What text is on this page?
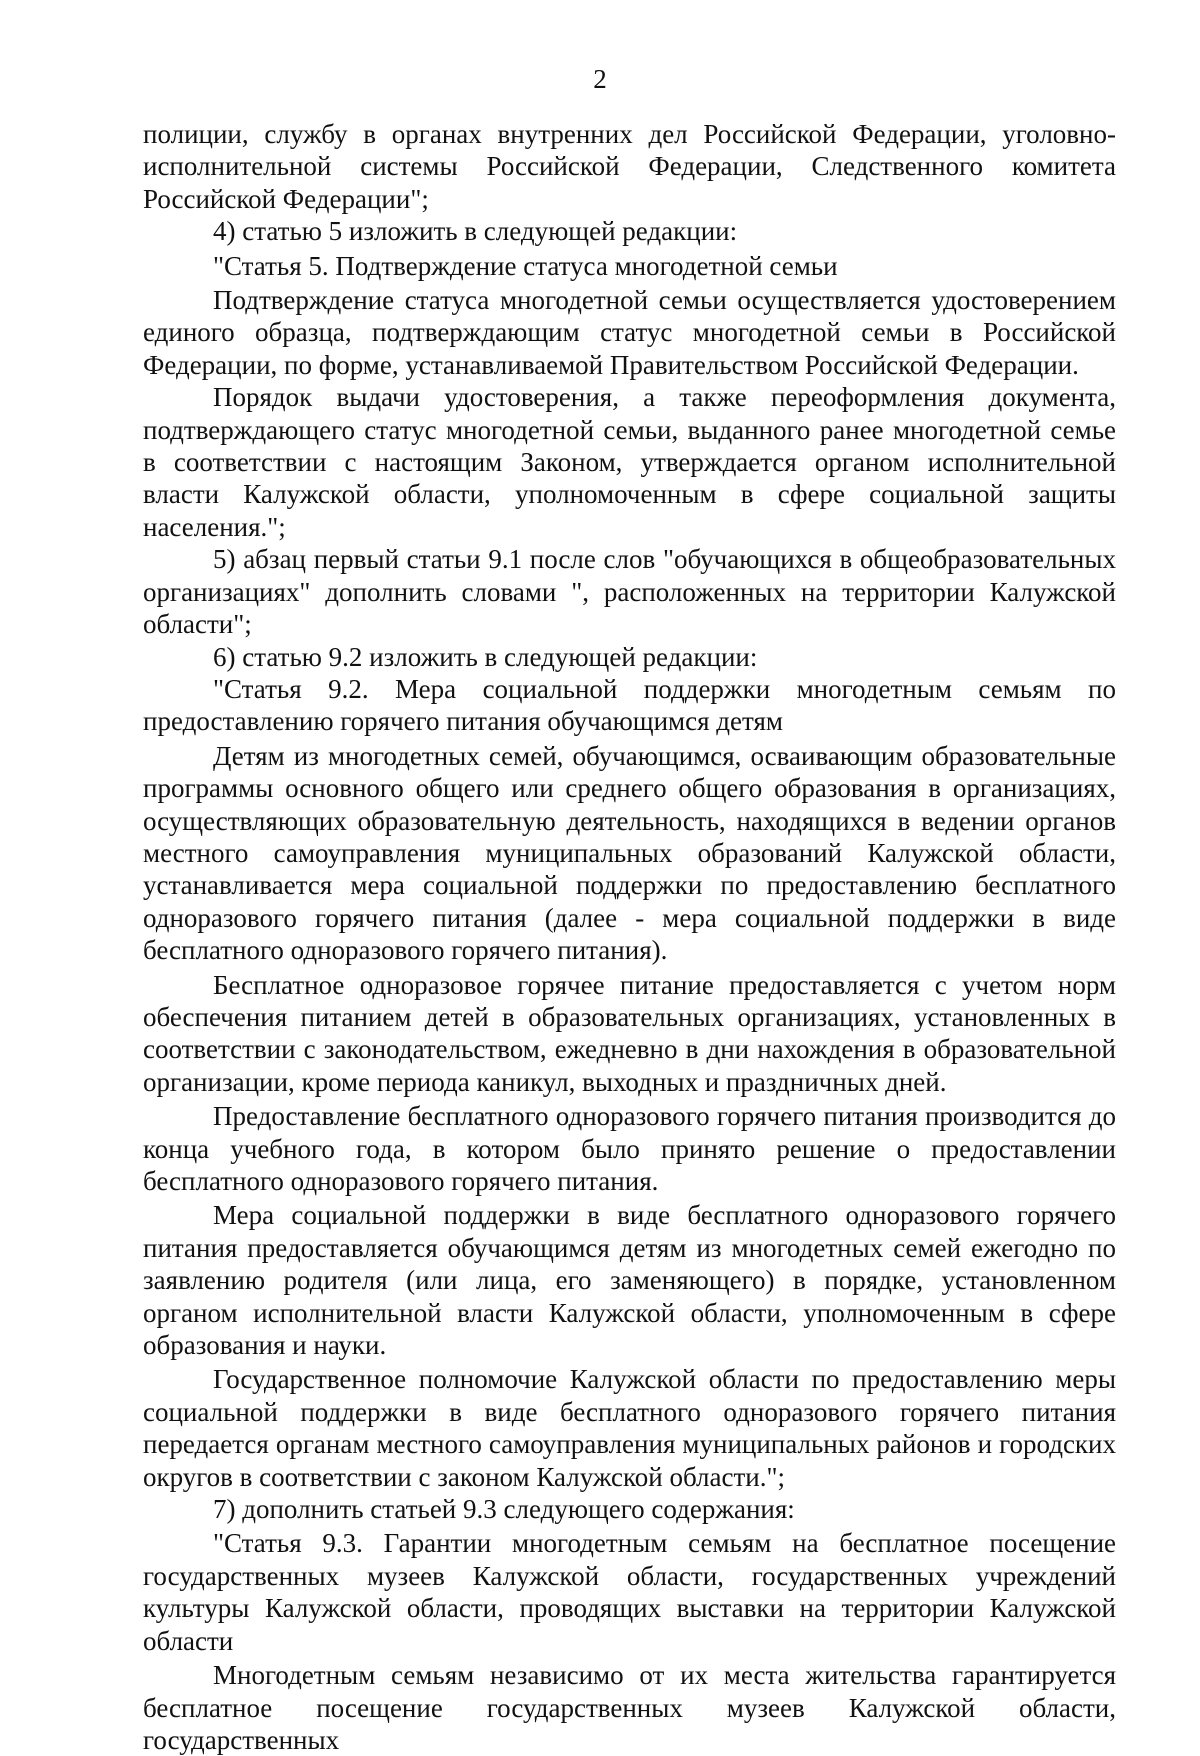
2

полиции, службу в органах внутренних дел Российской Федерации, уголовно-исполнительной системы Российской Федерации, Следственного комитета Российской Федерации";

4) статью 5 изложить в следующей редакции:

"Статья 5. Подтверждение статуса многодетной семьи

Подтверждение статуса многодетной семьи осуществляется удостоверением единого образца, подтверждающим статус многодетной семьи в Российской Федерации, по форме, устанавливаемой Правительством Российской Федерации.

Порядок выдачи удостоверения, а также переоформления документа, подтверждающего статус многодетной семьи, выданного ранее многодетной семье в соответствии с настоящим Законом, утверждается органом исполнительной власти Калужской области, уполномоченным в сфере социальной защиты населения.";

5) абзац первый статьи 9.1 после слов "обучающихся в общеобразовательных организациях" дополнить словами ", расположенных на территории Калужской области";

6) статью 9.2 изложить в следующей редакции:

"Статья 9.2. Мера социальной поддержки многодетным семьям по предоставлению горячего питания обучающимся детям

Детям из многодетных семей, обучающимся, осваивающим образовательные программы основного общего или среднего общего образования в организациях, осуществляющих образовательную деятельность, находящихся в ведении органов местного самоуправления муниципальных образований Калужской области, устанавливается мера социальной поддержки по предоставлению бесплатного одноразового горячего питания (далее - мера социальной поддержки в виде бесплатного одноразового горячего питания).

Бесплатное одноразовое горячее питание предоставляется с учетом норм обеспечения питанием детей в образовательных организациях, установленных в соответствии с законодательством, ежедневно в дни нахождения в образовательной организации, кроме периода каникул, выходных и праздничных дней.

Предоставление бесплатного одноразового горячего питания производится до конца учебного года, в котором было принято решение о предоставлении бесплатного одноразового горячего питания.

Мера социальной поддержки в виде бесплатного одноразового горячего питания предоставляется обучающимся детям из многодетных семей ежегодно по заявлению родителя (или лица, его заменяющего) в порядке, установленном органом исполнительной власти Калужской области, уполномоченным в сфере образования и науки.

Государственное полномочие Калужской области по предоставлению меры социальной поддержки в виде бесплатного одноразового горячего питания передается органам местного самоуправления муниципальных районов и городских округов в соответствии с законом Калужской области.";

7) дополнить статьей 9.3 следующего содержания:

"Статья 9.3. Гарантии многодетным семьям на бесплатное посещение государственных музеев Калужской области, государственных учреждений культуры Калужской области, проводящих выставки на территории Калужской области

Многодетным семьям независимо от их места жительства гарантируется бесплатное посещение государственных музеев Калужской области, государственных
